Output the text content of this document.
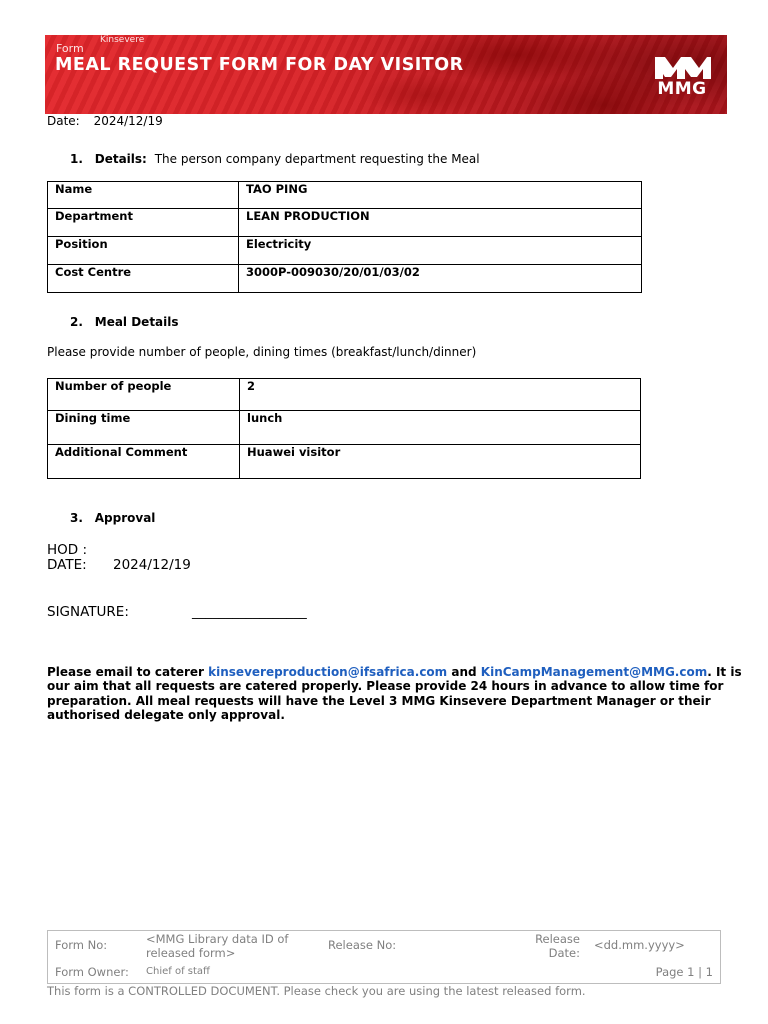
Form
Kinsevere
MEAL REQUEST FORM FOR DAY VISITOR
MMG
Date: 2024/12/19
1. Details: The person company department requesting the Meal
Name	TAO PING
Department	LEAN PRODUCTION
Position	Electricity
Cost Centre	3000P-009030/20/01/03/02
2. Meal Details
Please provide number of people, dining times (breakfast/lunch/dinner)
Number of people	2
Dining time	lunch
Additional Comment	Huawei visitor
3. Approval
HOD :
DATE: 2024/12/19
SIGNATURE:	_________________
Please email to caterer kinsevereproduction@ifsafrica.com and KinCampManagement@MMG.com. It is
our aim that all requests are catered properly. Please provide 24 hours in advance to allow time for
preparation. All meal requests will have the Level 3 MMG Kinsevere Department Manager or their
authorised delegate only approval.
Form No:	<MMG Library data ID of
released form>
Release No:	Release
Date:
<dd.mm.yyyy>
Form Owner: Chief of staff	Page 1 | 1
This form is a CONTROLLED DOCUMENT. Please check you are using the latest released form.
